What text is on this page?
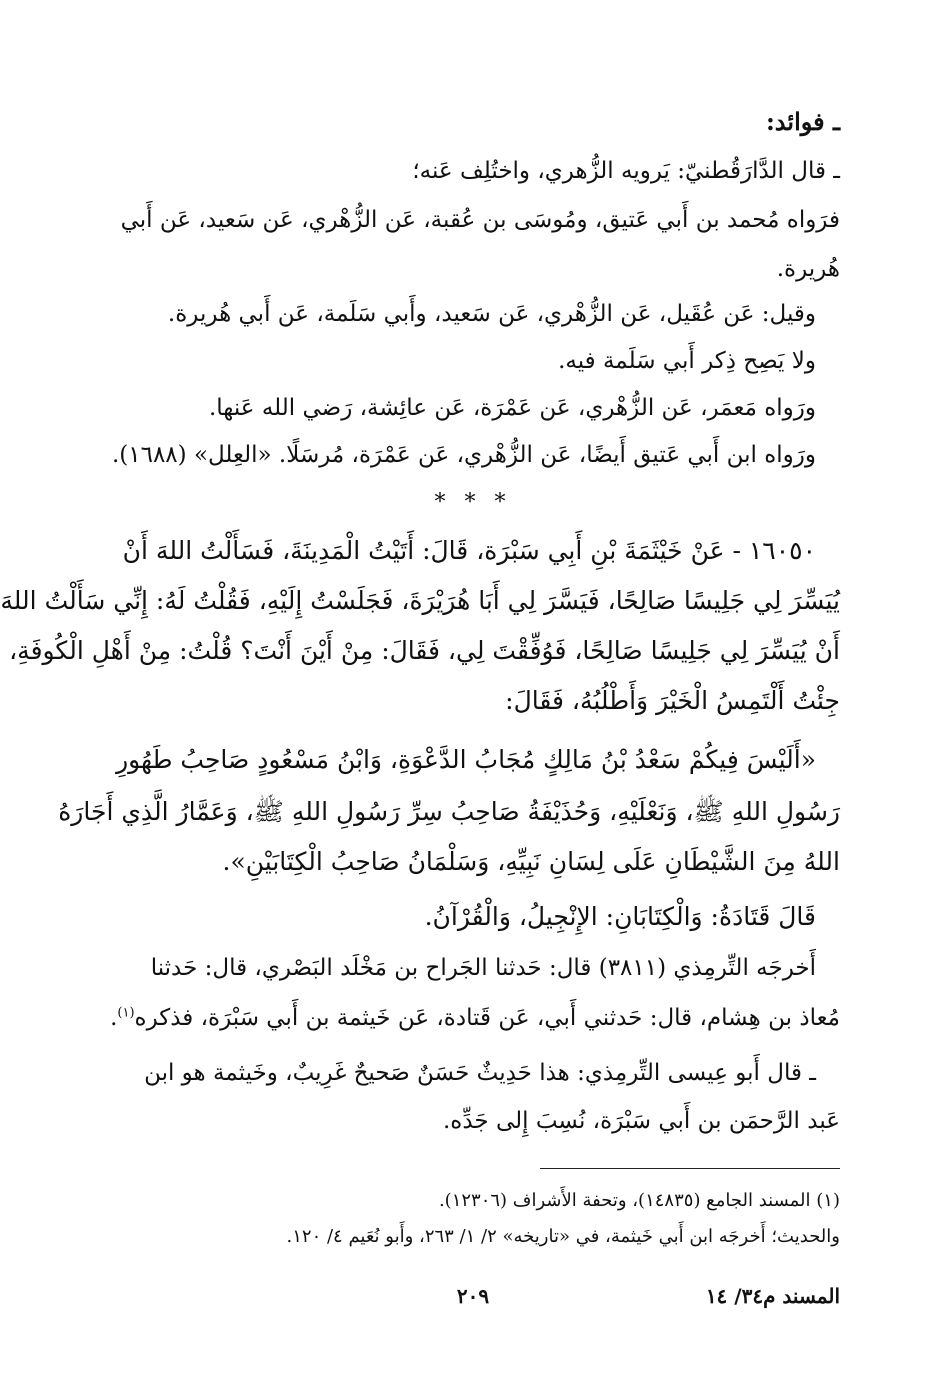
ـ فوائد:
ـ قال الدَّارَقُطنيّ: يَرويه الزُّهري، واختُلِف عَنه؛
فرَواه مُحمد بن أَبي عَتيق، ومُوسَى بن عُقبة، عَن الزُّهْري، عَن سَعيد، عَن أَبي
هُريرة.
وقيل: عَن عُقَيل، عَن الزُّهْري، عَن سَعيد، وأَبي سَلَمة، عَن أَبي هُريرة.
ولا يَصِح ذِكر أَبي سَلَمة فيه.
ورَواه مَعمَر، عَن الزُّهْري، عَن عَمْرَة، عَن عائِشة، رَضي الله عَنها.
ورَواه ابن أَبي عَتيق أَيضًا، عَن الزُّهْري، عَن عَمْرَة، مُرسَلًا. «العِلل» (١٦٨٨).
* * *
١٦٠٥٠ - عَنْ خَيْثَمَةَ بْنِ أَبِي سَبْرَة، قَالَ: أَتَيْتُ الْمَدِينَةَ، فَسَأَلْتُ اللهَ أَنْ
يُيَسِّرَ لِي جَلِيسًا صَالِحًا، فَيَسَّرَ لِي أَبَا هُرَيْرَةَ، فَجَلَسْتُ إِلَيْهِ، فَقُلْتُ لَهُ: إِنِّي سَأَلْتُ اللهَ
أَنْ يُيَسِّرَ لِي جَلِيسًا صَالِحًا، فَوُفِّقْتَ لِي، فَقَالَ: مِنْ أَيْنَ أَنْتَ؟ قُلْتُ: مِنْ أَهْلِ الْكُوفَةِ،
جِئْتُ أَلْتَمِسُ الْخَيْرَ وَأَطْلُبُهُ، فَقَالَ:
«أَلَيْسَ فِيكُمْ سَعْدُ بْنُ مَالِكٍ مُجَابُ الدَّعْوَةِ، وَابْنُ مَسْعُودٍ صَاحِبُ طَهُورِ
رَسُولِ اللهِ ﷺ، وَنَعْلَيْهِ، وَحُذَيْفَةُ صَاحِبُ سِرِّ رَسُولِ اللهِ ﷺ، وَعَمَّارُ الَّذِي أَجَارَهُ
اللهُ مِنَ الشَّيْطَانِ عَلَى لِسَانِ نَبِيِّهِ، وَسَلْمَانُ صَاحِبُ الْكِتَابَيْنِ».
قَالَ قَتَادَةُ: وَالْكِتَابَانِ: الإِنْجِيلُ، وَالْقُرْآنُ.
أَخرجَه التِّرمِذي (٣٨١١) قال: حَدثنا الجَراح بن مَخْلَد البَصْري، قال: حَدثنا
مُعاذ بن هِشام، قال: حَدثني أَبي، عَن قَتادة، عَن خَيثمة بن أَبي سَبْرَة، فذكره$^{(١)}$.
ـ قال أَبو عِيسى التِّرمِذي: هذا حَدِيثٌ حَسَنٌ صَحيحٌ غَرِيبٌ، وخَيثمة هو ابن
عَبد الرَّحمَن بن أَبي سَبْرَة، نُسِبَ إِلى جَدِّه.
(١) المسند الجامع (١٤٨٣٥)، وتحفة الأَشراف (١٢٣٠٦).
والحديث؛ أَخرجَه ابن أَبي خَيثمة، في «تاريخه» ٢/ ١/ ٢٦٣، وأَبو نُعَيم ٤/ ١٢٠.
٢٠٩	المسند م٣٤/ ١٤
